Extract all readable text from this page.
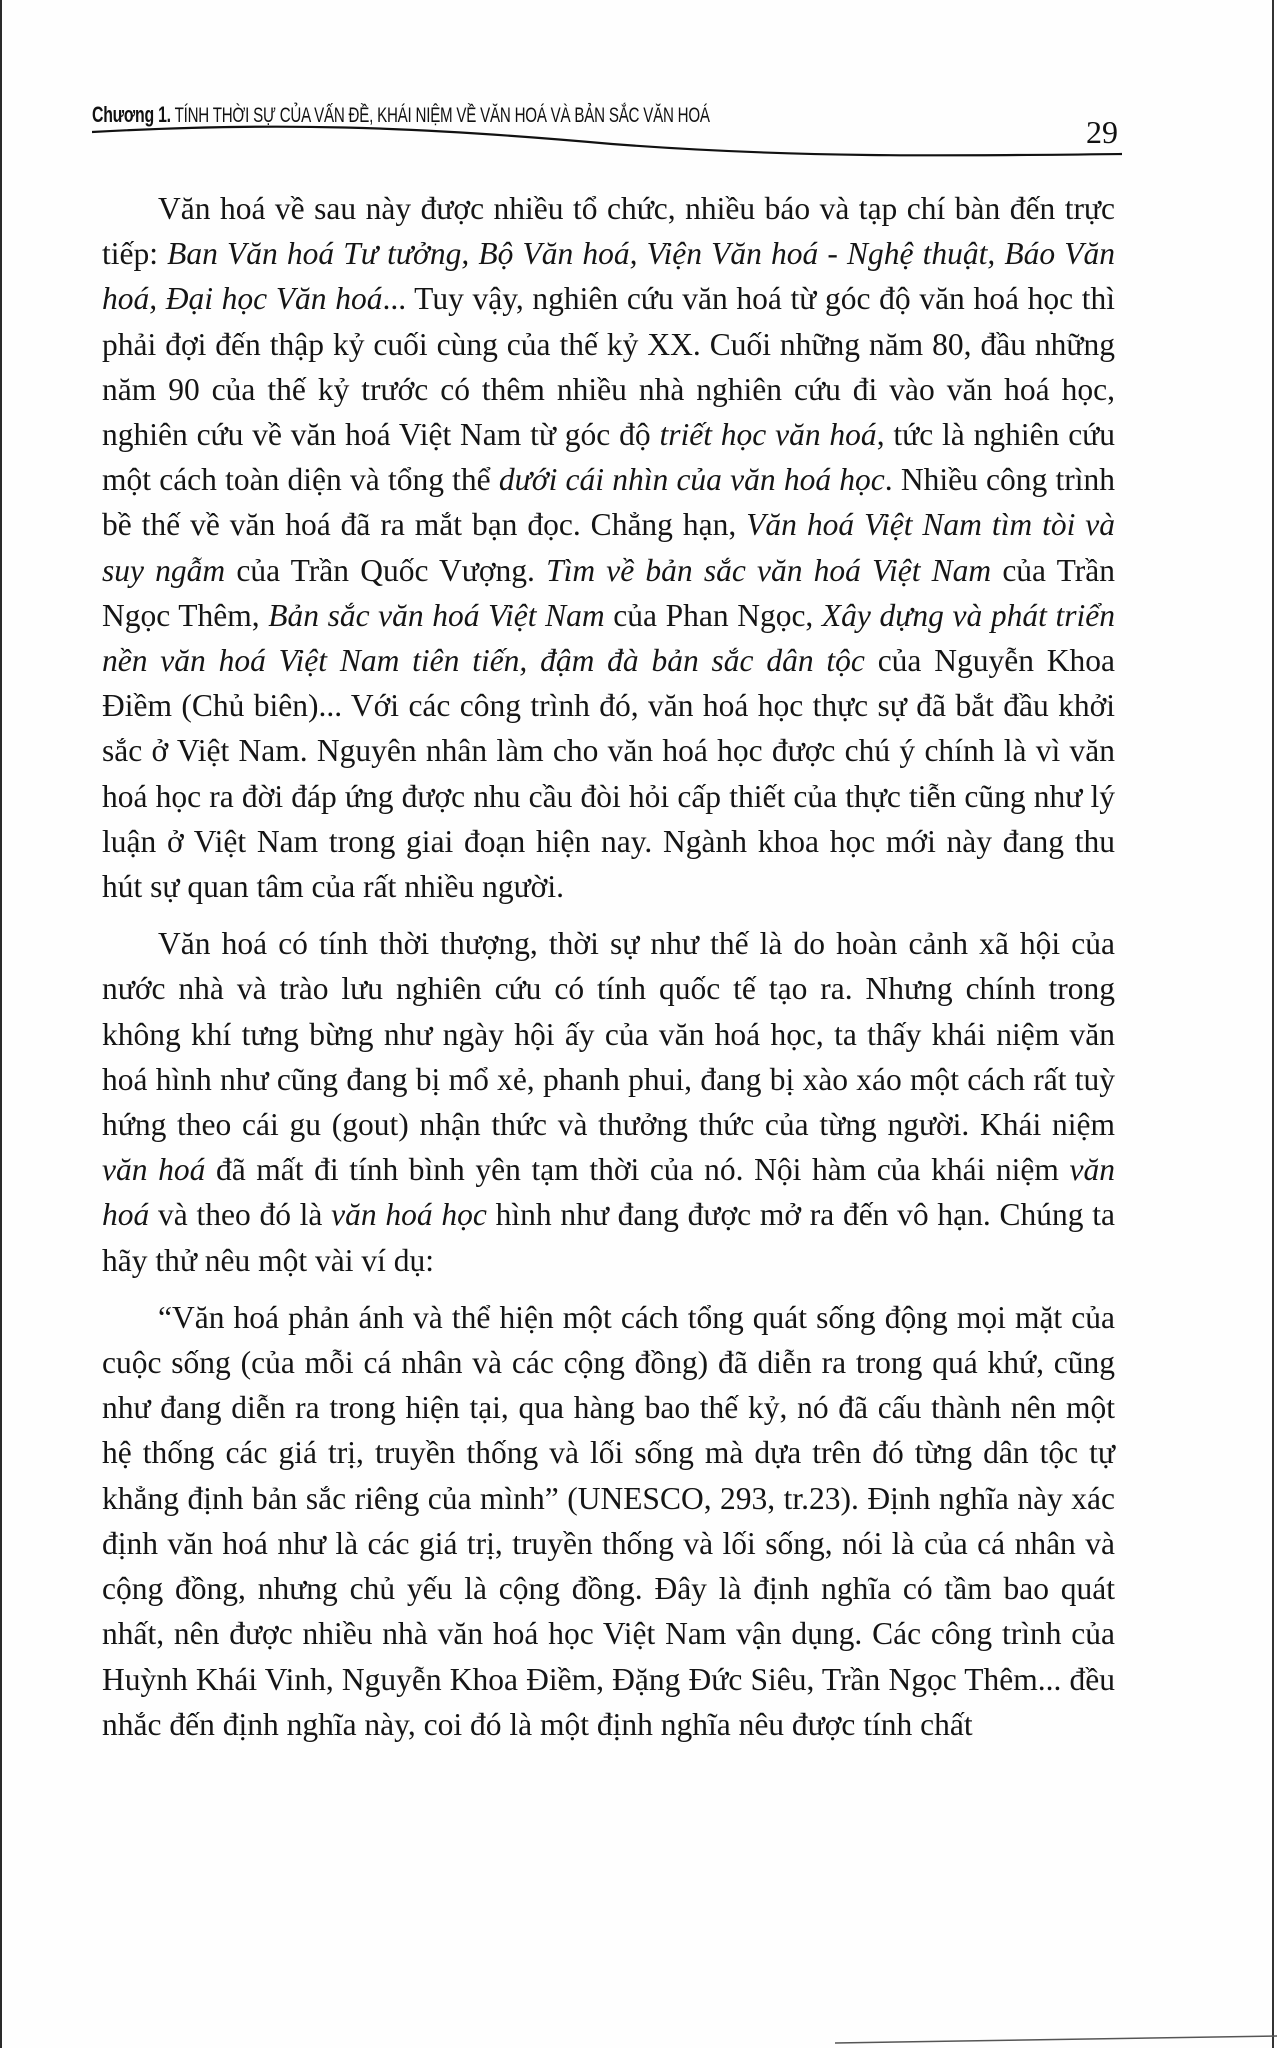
Chương 1. TÍNH THỜI SỰ CỦA VẤN ĐỀ, KHÁI NIỆM VỀ VĂN HOÁ VÀ BẢN SẮC VĂN HOÁ	29

Văn hoá về sau này được nhiều tổ chức, nhiều báo và tạp chí bàn đến trực tiếp: Ban Văn hoá Tư tưởng, Bộ Văn hoá, Viện Văn hoá - Nghệ thuật, Báo Văn hoá, Đại học Văn hoá... Tuy vậy, nghiên cứu văn hoá từ góc độ văn hoá học thì phải đợi đến thập kỷ cuối cùng của thế kỷ XX. Cuối những năm 80, đầu những năm 90 của thế kỷ trước có thêm nhiều nhà nghiên cứu đi vào văn hoá học, nghiên cứu về văn hoá Việt Nam từ góc độ triết học văn hoá, tức là nghiên cứu một cách toàn diện và tổng thể dưới cái nhìn của văn hoá học. Nhiều công trình bề thế về văn hoá đã ra mắt bạn đọc. Chẳng hạn, Văn hoá Việt Nam tìm tòi và suy ngẫm của Trần Quốc Vượng. Tìm về bản sắc văn hoá Việt Nam của Trần Ngọc Thêm, Bản sắc văn hoá Việt Nam của Phan Ngọc, Xây dựng và phát triển nền văn hoá Việt Nam tiên tiến, đậm đà bản sắc dân tộc của Nguyễn Khoa Điềm (Chủ biên)... Với các công trình đó, văn hoá học thực sự đã bắt đầu khởi sắc ở Việt Nam. Nguyên nhân làm cho văn hoá học được chú ý chính là vì văn hoá học ra đời đáp ứng được nhu cầu đòi hỏi cấp thiết của thực tiễn cũng như lý luận ở Việt Nam trong giai đoạn hiện nay. Ngành khoa học mới này đang thu hút sự quan tâm của rất nhiều người.

Văn hoá có tính thời thượng, thời sự như thế là do hoàn cảnh xã hội của nước nhà và trào lưu nghiên cứu có tính quốc tế tạo ra. Nhưng chính trong không khí tưng bừng như ngày hội ấy của văn hoá học, ta thấy khái niệm văn hoá hình như cũng đang bị mổ xẻ, phanh phui, đang bị xào xáo một cách rất tuỳ hứng theo cái gu (gout) nhận thức và thưởng thức của từng người. Khái niệm văn hoá đã mất đi tính bình yên tạm thời của nó. Nội hàm của khái niệm văn hoá và theo đó là văn hoá học hình như đang được mở ra đến vô hạn. Chúng ta hãy thử nêu một vài ví dụ:

“Văn hoá phản ánh và thể hiện một cách tổng quát sống động mọi mặt của cuộc sống (của mỗi cá nhân và các cộng đồng) đã diễn ra trong quá khứ, cũng như đang diễn ra trong hiện tại, qua hàng bao thế kỷ, nó đã cấu thành nên một hệ thống các giá trị, truyền thống và lối sống mà dựa trên đó từng dân tộc tự khẳng định bản sắc riêng của mình” (UNESCO, 293, tr.23). Định nghĩa này xác định văn hoá như là các giá trị, truyền thống và lối sống, nói là của cá nhân và cộng đồng, nhưng chủ yếu là cộng đồng. Đây là định nghĩa có tầm bao quát nhất, nên được nhiều nhà văn hoá học Việt Nam vận dụng. Các công trình của Huỳnh Khái Vinh, Nguyễn Khoa Điềm, Đặng Đức Siêu, Trần Ngọc Thêm... đều nhắc đến định nghĩa này, coi đó là một định nghĩa nêu được tính chất
